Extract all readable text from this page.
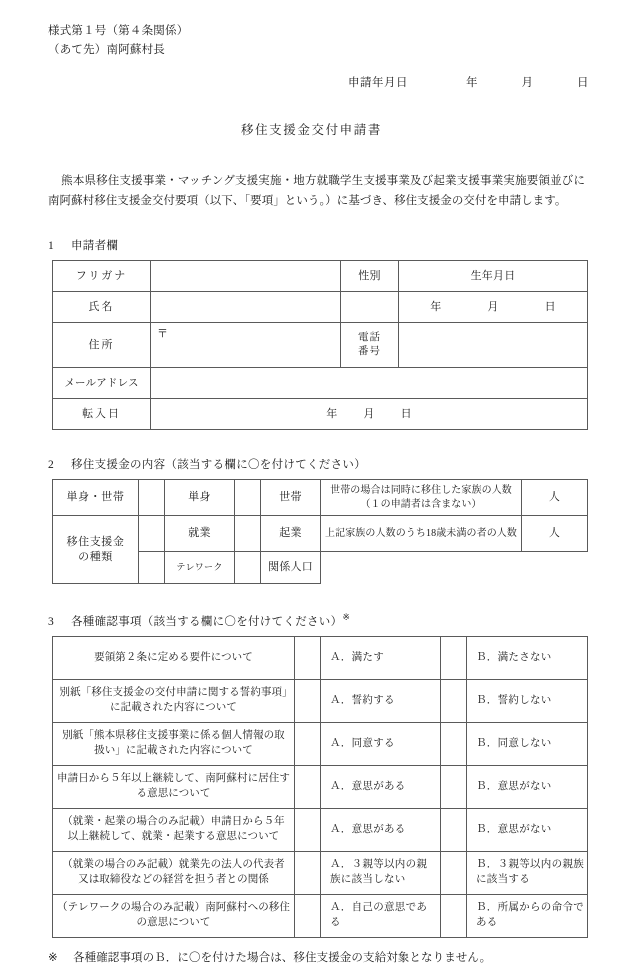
様式第１号（第４条関係）
（あて先）南阿蘇村長
申請年月日	年	月	日
移住支援金交付申請書
熊本県移住支援事業・マッチング支援実施・地方就職学生支援事業及び起業支援事業実施要領並びに南阿蘇村移住支援金交付要項（以下、「要項」という。）に基づき、移住支援金の交付を申請します。
1 申請者欄
フリガナ		性別	生年月日
氏名			年 月 日
住所	〒	電話
番号	
メールアドレス			
転入日	年 月 日		
2 移住支援金の内容（該当する欄に〇を付けてください）
単身・世帯		単身		世帯	世帯の場合は同時に移住した家族の人数（１の申請者は含まない）	人
移住支援金
の種類		就業		起業	上記家族の人数のうち18歳未満の者の人数	人
		テレワーク		関係人口		
3 各種確認事項（該当する欄に〇を付けてください）※
要領第２条に定める要件について		Ａ．満たす		Ｂ．満たさない
別紙「移住支援金の交付申請に関する誓約事項」に記載された内容について		Ａ．誓約する		Ｂ．誓約しない
別紙「熊本県移住支援事業に係る個人情報の取扱い」に記載された内容について		Ａ．同意する		Ｂ．同意しない
申請日から５年以上継続して、南阿蘇村に居住する意思について		Ａ．意思がある		Ｂ．意思がない
（就業・起業の場合のみ記載）申請日から５年以上継続して、就業・起業する意思について		Ａ．意思がある		Ｂ．意思がない
（就業の場合のみ記載）就業先の法人の代表者又は取締役などの経営を担う者との関係		Ａ．３親等以内の親族に該当しない		Ｂ．３親等以内の親族に該当する
（テレワークの場合のみ記載）南阿蘇村への移住の意思について		Ａ．自己の意思である		Ｂ．所属からの命令である
※ 各種確認事項のＢ．に〇を付けた場合は、移住支援金の支給対象となりません。
